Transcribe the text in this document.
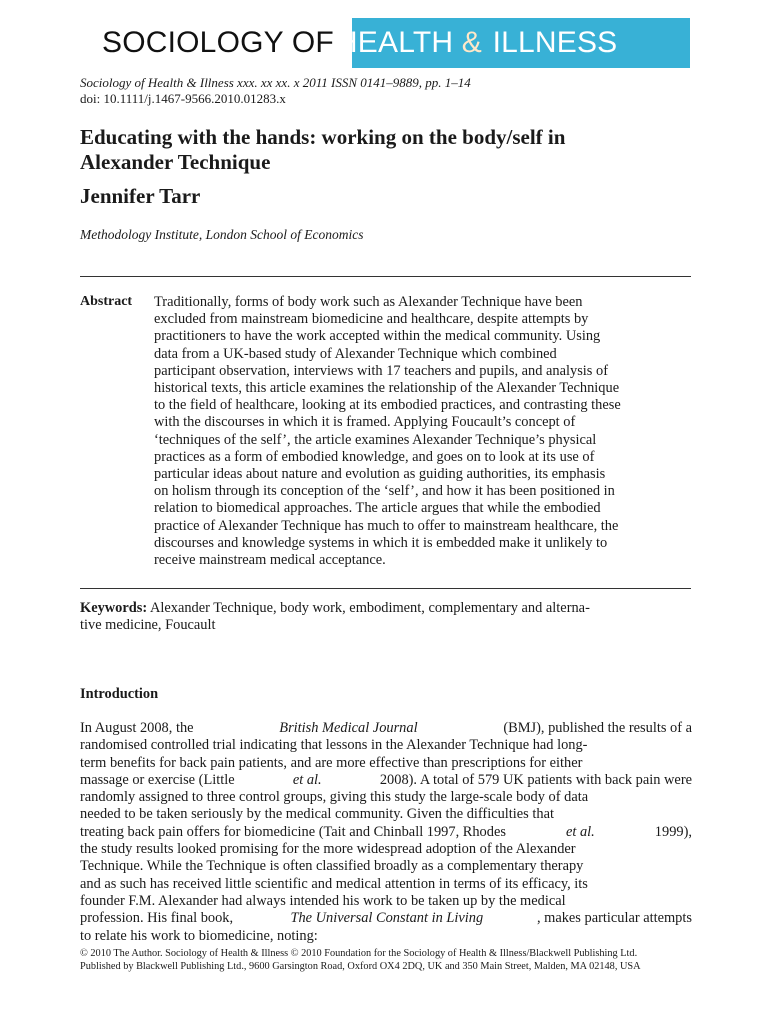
SOCIOLOGY OFHEALTH & ILLNESS
Sociology of Health & Illness xxx. xx xx. x 2011 ISSN 0141–9889, pp. 1–14
doi: 10.1111/j.1467-9566.2010.01283.x
Educating with the hands: working on the body/self in
Alexander Technique
Jennifer Tarr
Methodology Institute, London School of Economics
Abstract Traditionally, forms of body work such as Alexander Technique have been
excluded from mainstream biomedicine and healthcare, despite attempts by
practitioners to have the work accepted within the medical community. Using
data from a UK-based study of Alexander Technique which combined
participant observation, interviews with 17 teachers and pupils, and analysis of
historical texts, this article examines the relationship of the Alexander Technique
to the field of healthcare, looking at its embodied practices, and contrasting these
with the discourses in which it is framed. Applying Foucault’s concept of
‘techniques of the self’, the article examines Alexander Technique’s physical
practices as a form of embodied knowledge, and goes on to look at its use of
particular ideas about nature and evolution as guiding authorities, its emphasis
on holism through its conception of the ‘self’, and how it has been positioned in
relation to biomedical approaches. The article argues that while the embodied
practice of Alexander Technique has much to offer to mainstream healthcare, the
discourses and knowledge systems in which it is embedded make it unlikely to
receive mainstream medical acceptance.
Keywords: Alexander Technique, body work, embodiment, complementary and alterna-
tive medicine, Foucault
Introduction
In August 2008, the	British Medical Journal	(BMJ), published the results of a
randomised controlled trial indicating that lessons in the Alexander Technique had long-
term benefits for back pain patients, and are more effective than prescriptions for either
massage or exercise (Little	et al.	2008). A total of 579 UK patients with back pain were
randomly assigned to three control groups, giving this study the large-scale body of data
needed to be taken seriously by the medical community. Given the difficulties that
treating back pain offers for biomedicine (Tait and Chinball 1997, Rhodes	et al.	1999),
the study results looked promising for the more widespread adoption of the Alexander
Technique. While the Technique is often classified broadly as a complementary therapy
and as such has received little scientific and medical attention in terms of its efficacy, its
founder F.M. Alexander had always intended his work to be taken up by the medical
profession. His final book,	The Universal Constant in Living	, makes particular attempts
to relate his work to biomedicine, noting:
© 2010 The Author. Sociology of Health & Illness © 2010 Foundation for the Sociology of Health & Illness/Blackwell Publishing Ltd.
Published by Blackwell Publishing Ltd., 9600 Garsington Road, Oxford OX4 2DQ, UK and 350 Main Street, Malden, MA 02148, USA
